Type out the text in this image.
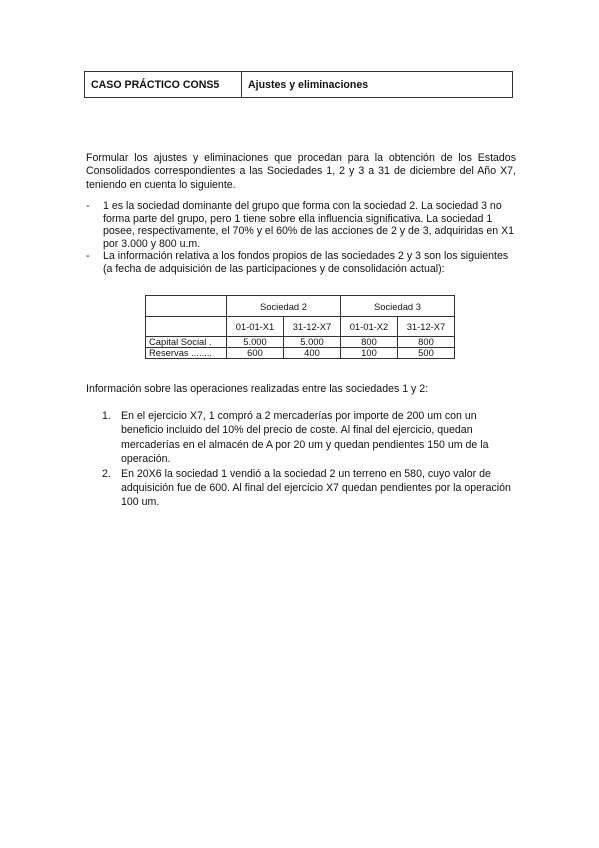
CASO PRÁCTICO CONS5	Ajustes y eliminaciones

Formular los ajustes y eliminaciones que procedan para la obtención de los Estados Consolidados correspondientes a las Sociedades 1, 2 y 3 a 31 de diciembre del Año X7, teniendo en cuenta lo siguiente.

- 1 es la sociedad dominante del grupo que forma con la sociedad 2. La sociedad 3 no forma parte del grupo, pero 1 tiene sobre ella influencia significativa. La sociedad 1 posee, respectivamente, el 70% y el 60% de las acciones de 2 y de 3, adquiridas en X1 por 3.000 y 800 u.m.
- La información relativa a los fondos propios de las sociedades 2 y 3 son los siguientes (a fecha de adquisición de las participaciones y de consolidación actual):
	Sociedad 2		Sociedad 3	
	01-01-X1	31-12-X7	01-01-X2	31-12-X7
Capital Social .	5.000	5.000	800	800
Reservas ........	600	400	100	500
Información sobre las operaciones realizadas entre las sociedades 1 y 2:
1. En el ejercicio X7, 1 compró a 2 mercaderías por importe de 200 um con un beneficio incluido del 10% del precio de coste. Al final del ejercicio, quedan mercaderías en el almacén de A por 20 um y quedan pendientes 150 um de la operación.
2. En 20X6 la sociedad 1 vendió a la sociedad 2 un terreno en 580, cuyo valor de adquisición fue de 600. Al final del ejercicio X7 quedan pendientes por la operación 100 um.
